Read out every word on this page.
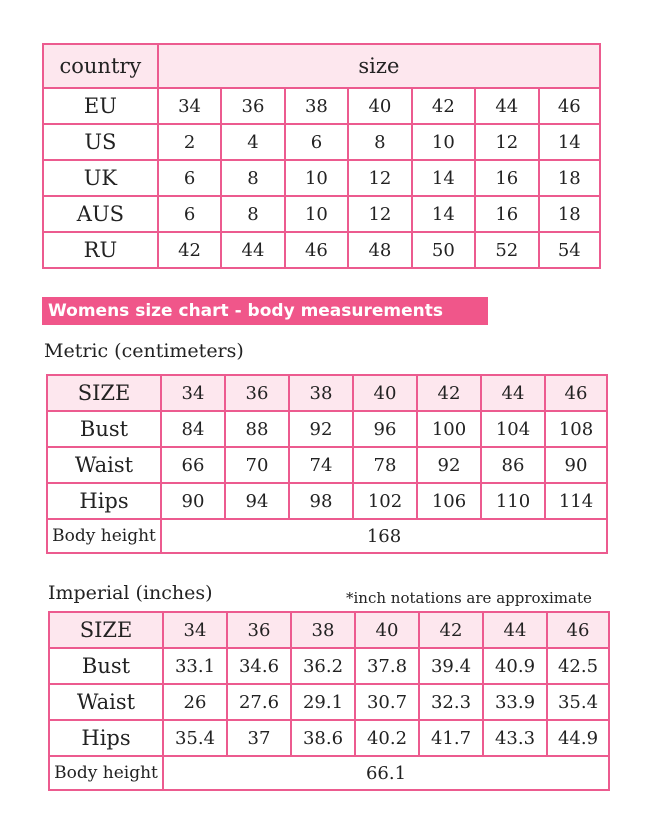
country	size						
EU	34	36	38	40	42	44	46
US	2	4	6	8	10	12	14
UK	6	8	10	12	14	16	18
AUS	6	8	10	12	14	16	18
RU	42	44	46	48	50	52	54
Womens size chart - body measurements
Metric (centimeters)
SIZE	34	36	38	40	42	44	46
Bust	84	88	92	96	100	104	108
Waist	66	70	74	78	92	86	90
Hips	90	94	98	102	106	110	114
Body height	168						
Imperial (inches)	*inch notations are approximate
SIZE	34	36	38	40	42	44	46
Bust	33.1	34.6	36.2	37.8	39.4	40.9	42.5
Waist	26	27.6	29.1	30.7	32.3	33.9	35.4
Hips	35.4	37	38.6	40.2	41.7	43.3	44.9
Body height	66.1						
